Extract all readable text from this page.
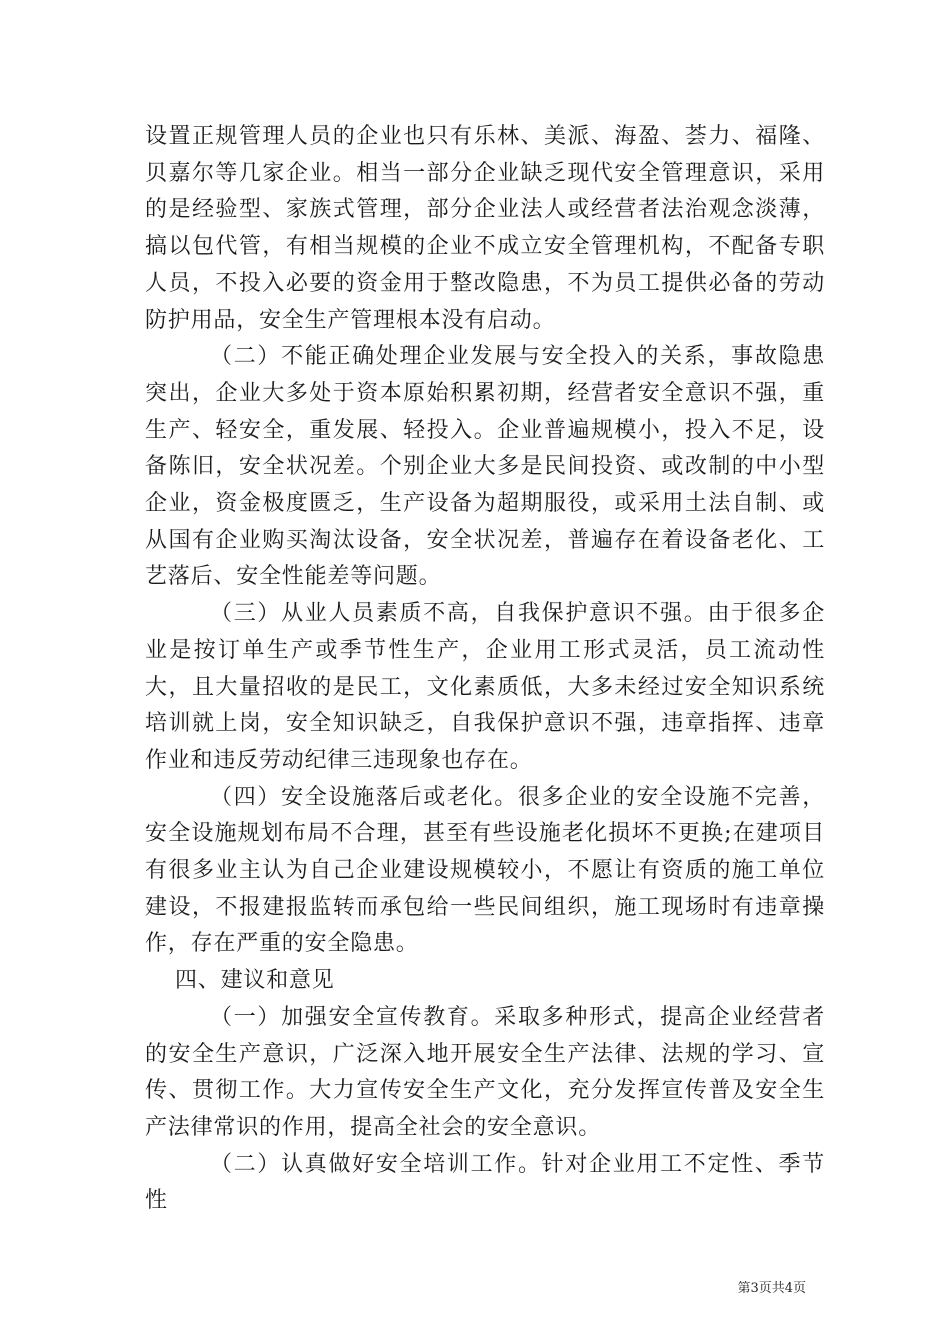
设置正规管理人员的企业也只有乐林、美派、海盈、荟力、福隆、贝嘉尔等几家企业。相当一部分企业缺乏现代安全管理意识，采用的是经验型、家族式管理，部分企业法人或经营者法治观念淡薄，搞以包代管，有相当规模的企业不成立安全管理机构，不配备专职人员，不投入必要的资金用于整改隐患，不为员工提供必备的劳动防护用品，安全生产管理根本没有启动。

（二）不能正确处理企业发展与安全投入的关系，事故隐患突出，企业大多处于资本原始积累初期，经营者安全意识不强，重生产、轻安全，重发展、轻投入。企业普遍规模小，投入不足，设备陈旧，安全状况差。个别企业大多是民间投资、或改制的中小型企业，资金极度匮乏，生产设备为超期服役，或采用土法自制、或从国有企业购买淘汰设备，安全状况差，普遍存在着设备老化、工艺落后、安全性能差等问题。

（三）从业人员素质不高，自我保护意识不强。由于很多企业是按订单生产或季节性生产，企业用工形式灵活，员工流动性大，且大量招收的是民工，文化素质低，大多未经过安全知识系统培训就上岗，安全知识缺乏，自我保护意识不强，违章指挥、违章作业和违反劳动纪律三违现象也存在。

（四）安全设施落后或老化。很多企业的安全设施不完善，安全设施规划布局不合理，甚至有些设施老化损坏不更换;在建项目有很多业主认为自己企业建设规模较小，不愿让有资质的施工单位建设，不报建报监转而承包给一些民间组织，施工现场时有违章操作，存在严重的安全隐患。

四、建议和意见

（一）加强安全宣传教育。采取多种形式，提高企业经营者的安全生产意识，广泛深入地开展安全生产法律、法规的学习、宣传、贯彻工作。大力宣传安全生产文化，充分发挥宣传普及安全生产法律常识的作用，提高全社会的安全意识。

（二）认真做好安全培训工作。针对企业用工不定性、季节性

第3页共4页
